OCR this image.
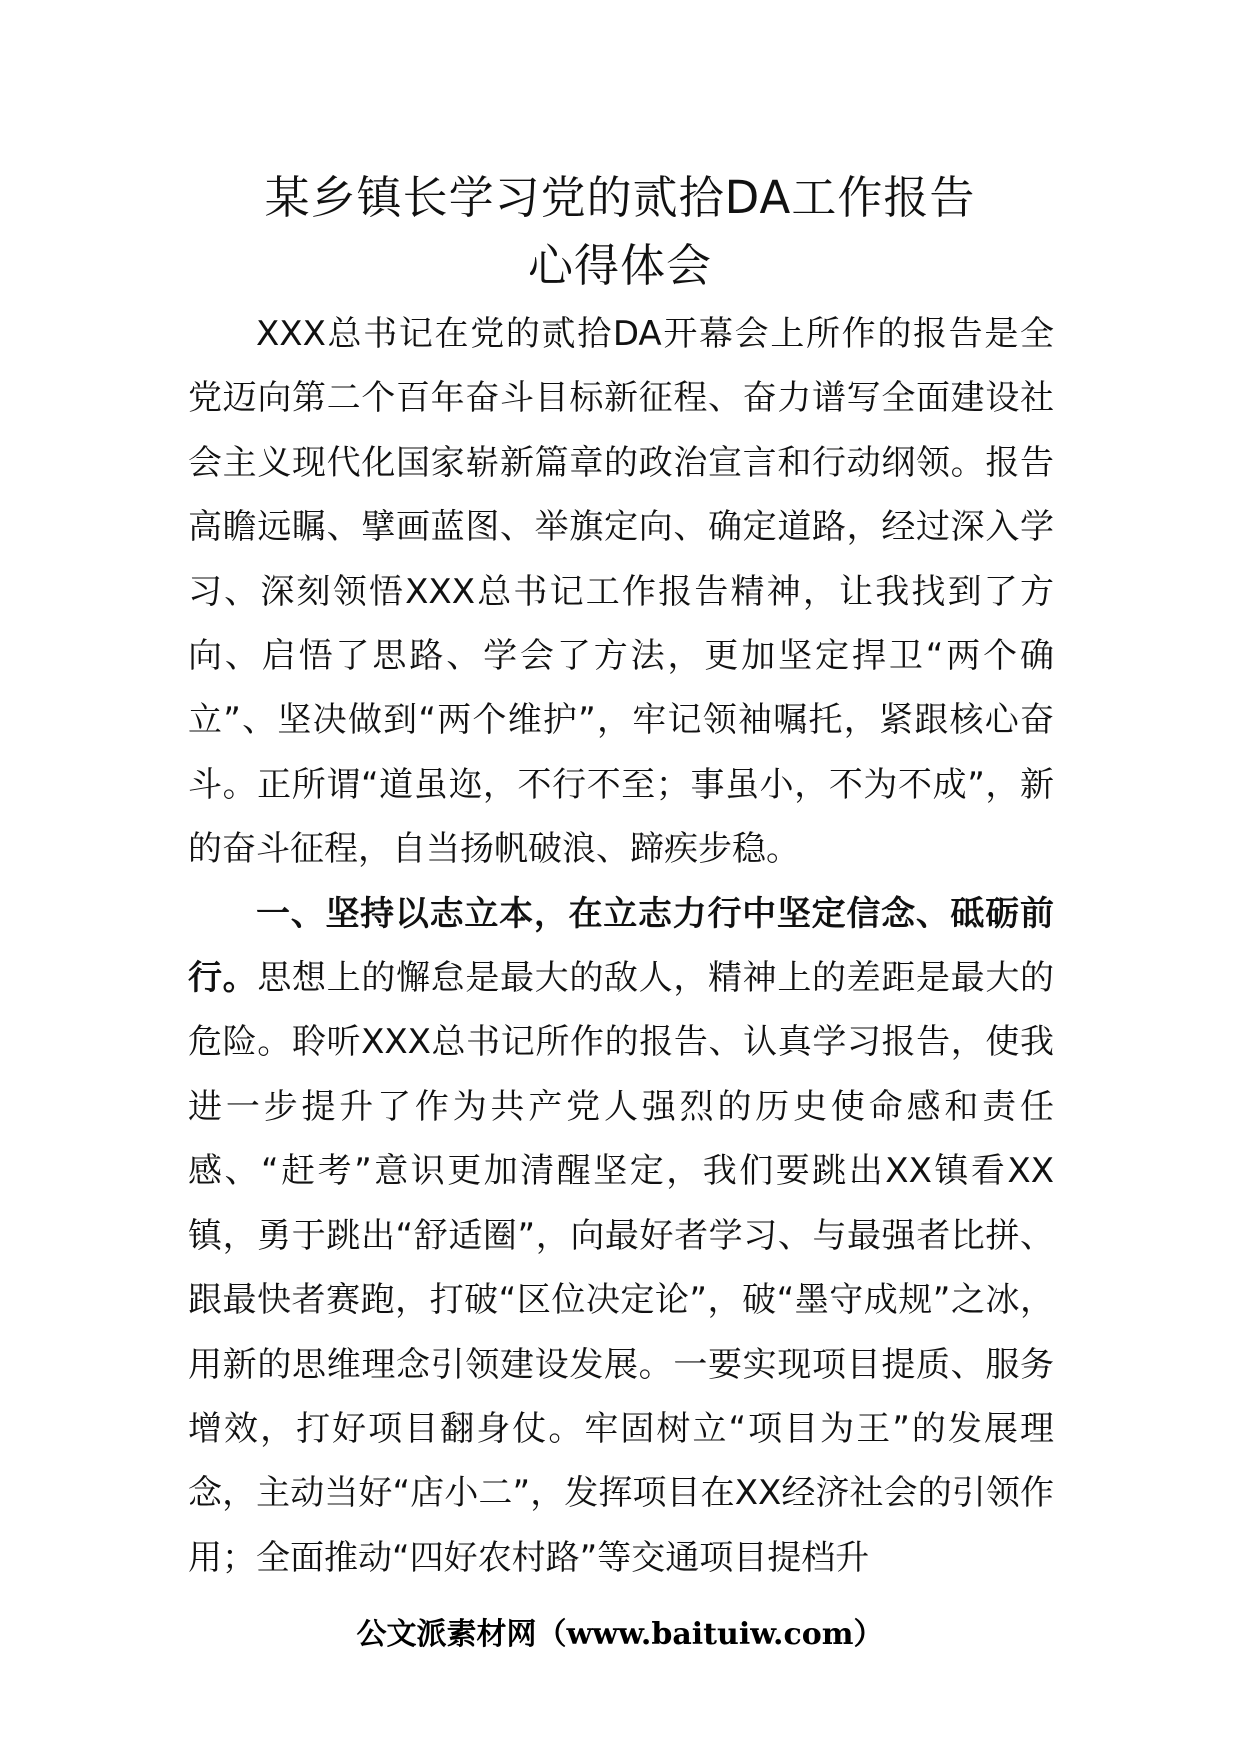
某乡镇长学习党的贰拾DA工作报告
心得体会

XXX总书记在党的贰拾DA开幕会上所作的报告是全党迈向第二个百年奋斗目标新征程、奋力谱写全面建设社会主义现代化国家崭新篇章的政治宣言和行动纲领。报告高瞻远瞩、擘画蓝图、举旗定向、确定道路，经过深入学习、深刻领悟XXX总书记工作报告精神，让我找到了方向、启悟了思路、学会了方法，更加坚定捍卫“两个确立”、坚决做到“两个维护”，牢记领袖嘱托，紧跟核心奋斗。正所谓“道虽迩，不行不至；事虽小，不为不成”，新的奋斗征程，自当扬帆破浪、蹄疾步稳。

一、坚持以志立本，在立志力行中坚定信念、砥砺前行。思想上的懈怠是最大的敌人，精神上的差距是最大的危险。聆听XXX总书记所作的报告、认真学习报告，使我进一步提升了作为共产党人强烈的历史使命感和责任感、“赶考”意识更加清醒坚定，我们要跳出XX镇看XX镇，勇于跳出“舒适圈”，向最好者学习、与最强者比拼、跟最快者赛跑，打破“区位决定论”，破“墨守成规”之冰，用新的思维理念引领建设发展。一要实现项目提质、服务增效，打好项目翻身仗。牢固树立“项目为王”的发展理念，主动当好“店小二”，发挥项目在XX经济社会的引领作用；全面推动“四好农村路”等交通项目提档升

公文派素材网（www.baituiw.com）
